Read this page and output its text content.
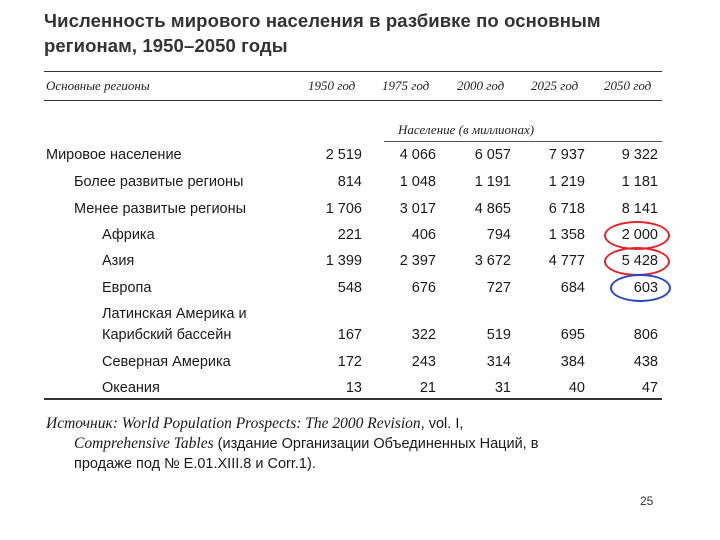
Численность мирового населения в разбивке по основным регионам, 1950–2050 годы
Основные регионы	1950 год 1975 год 2000 год 2025 год 2050 год
Население (в миллионах)
Мировое население	2 519	4 066	6 057	7 937	9 322
Более развитые регионы	814	1 048	1 191	1 219	1 181
Менее развитые регионы	1 706	3 017	4 865	6 718	8 141
Африка	221	406	794	1 358	2 000
Азия	1 399	2 397	3 672	4 777	5 428
Европа	548	676	727	684	603
Латинская Америка и
Карибский бассейн	167	322	519	695	806
Северная Америка	172	243	314	384	438
Океания	13	21	31	40	47
Источник: World Population Prospects: The 2000 Revision, vol. I,
Comprehensive Tables (издание Организации Объединенных Наций, в
продаже под № E.01.XIII.8 и Corr.1).
25
